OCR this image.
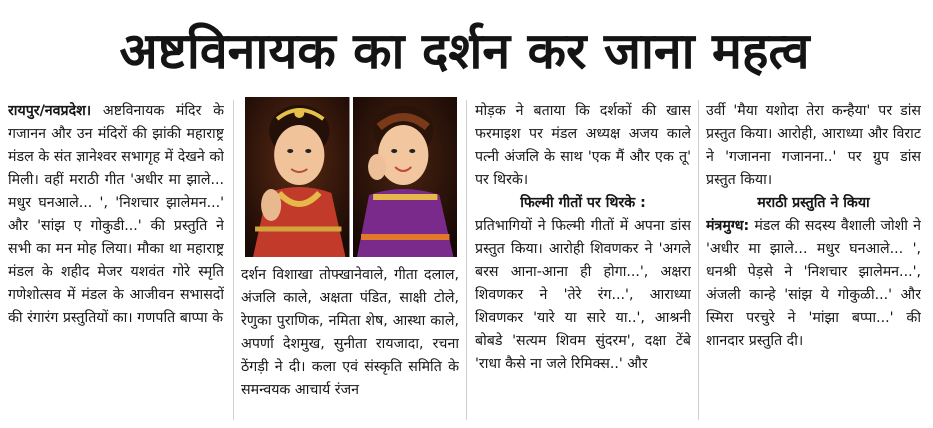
अष्टविनायक का दर्शन कर जाना महत्व

रायपुर/नवप्रदेश। अष्टविनायक मंदिर के गजानन और उन मंदिरों की झांकी महाराष्ट्र मंडल के संत ज्ञानेश्वर सभागृह में देखने को मिली। वहीं मराठी गीत 'अधीर मा झाले... मधुर घनआले... ', 'निशचार झालेमन...' और 'सांझ ए गोकुडी...' की प्रस्तुति ने सभी का मन मोह लिया। मौका था महाराष्ट्र मंडल के शहीद मेजर यशवंत गोरे स्मृति गणेशोत्सव में मंडल के आजीवन सभासदों की रंगारंग प्रस्तुतियों का। गणपति बाप्पा के

दर्शन विशाखा तोफ्खानेवाले, गीता दलाल, अंजलि काले, अक्षता पंडित, साक्षी टोले, रेणुका पुराणिक, नमिता शेष, आस्था काले, अपर्णा देशमुख, सुनीता रायजादा, रचना ठेंगड़ी ने दी। कला एवं संस्कृति समिति के समन्वयक आचार्य रंजन

मोड़क ने बताया कि दर्शकों की खास फरमाइश पर मंडल अध्यक्ष अजय काले पत्नी अंजलि के साथ 'एक मैं और एक तू' पर थिरके।

फिल्मी गीतों पर थिरके :

प्रतिभागियों ने फिल्मी गीतों में अपना डांस प्रस्तुत किया। आरोही शिवणकर ने 'अगले बरस आना-आना ही होगा...', अक्षरा शिवणकर ने 'तेरे रंग...', आराध्या शिवणकर 'यारे या सारे या..', आश्रनी बोबडे 'सत्यम शिवम सुंदरम', दक्षा टेंबे 'राधा कैसे ना जले रिमिक्स..' और

उर्वी 'मैया यशोदा तेरा कन्हैया' पर डांस प्रस्तुत किया। आरोही, आराध्या और विराट ने 'गजानना गजानना..' पर ग्रुप डांस प्रस्तुत किया।

मराठी प्रस्तुति ने किया

मंत्रमुग्ध: मंडल की सदस्य वैशाली जोशी ने 'अधीर मा झाले... मधुर घनआले... ', धनश्री पेड़से ने 'निशचार झालेमन...', अंजली कान्हे 'सांझ ये गोकुळी...' और स्मिरा परचुरे ने 'मांझा बप्पा...' की शानदार प्रस्तुति दी।
